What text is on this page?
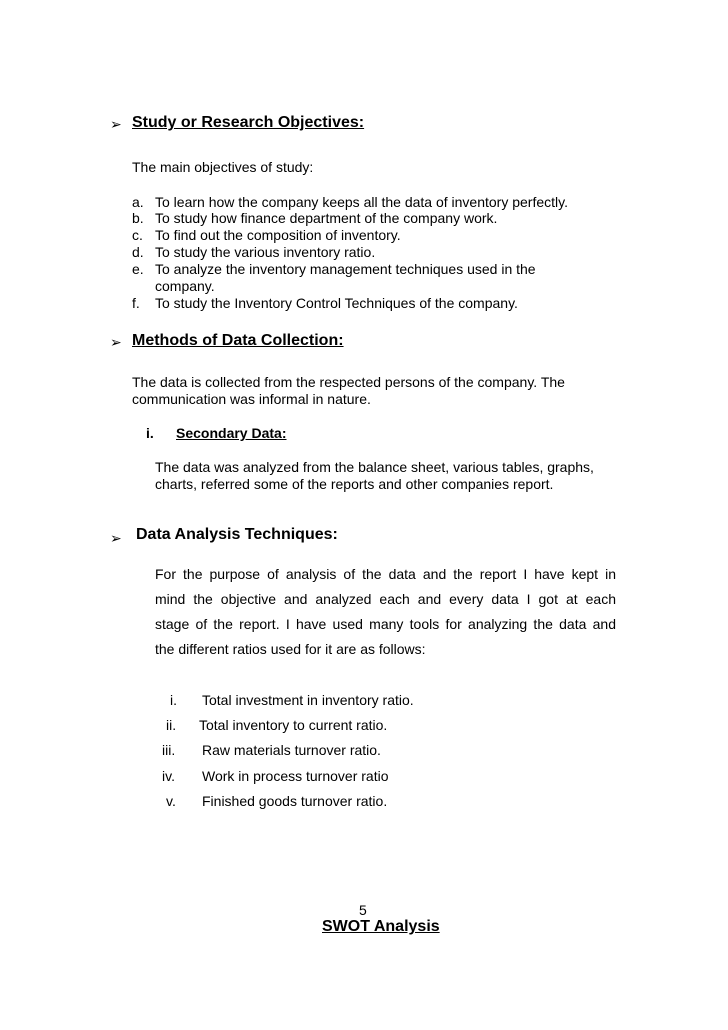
➢ Study or Research Objectives:
The main objectives of study:
a. To learn how the company keeps all the data of inventory perfectly.
b. To study how finance department of the company work.
c. To find out the composition of inventory.
d. To study the various inventory ratio.
e. To analyze the inventory management techniques used in the
company.
f. To study the Inventory Control Techniques of the company.
➢ Methods of Data Collection:
The data is collected from the respected persons of the company. The
communication was informal in nature.
i. Secondary Data:
The data was analyzed from the balance sheet, various tables, graphs,
charts, referred some of the reports and other companies report.
➢ Data Analysis Techniques:
For the purpose of analysis of the data and the report I have kept in
mind the objective and analyzed each and every data I got at each
stage of the report. I have used many tools for analyzing the data and
the different ratios used for it are as follows:
i. Total investment in inventory ratio.
ii. Total inventory to current ratio.
iii. Raw materials turnover ratio.
iv. Work in process turnover ratio
v. Finished goods turnover ratio.
5
SWOT Analysis
